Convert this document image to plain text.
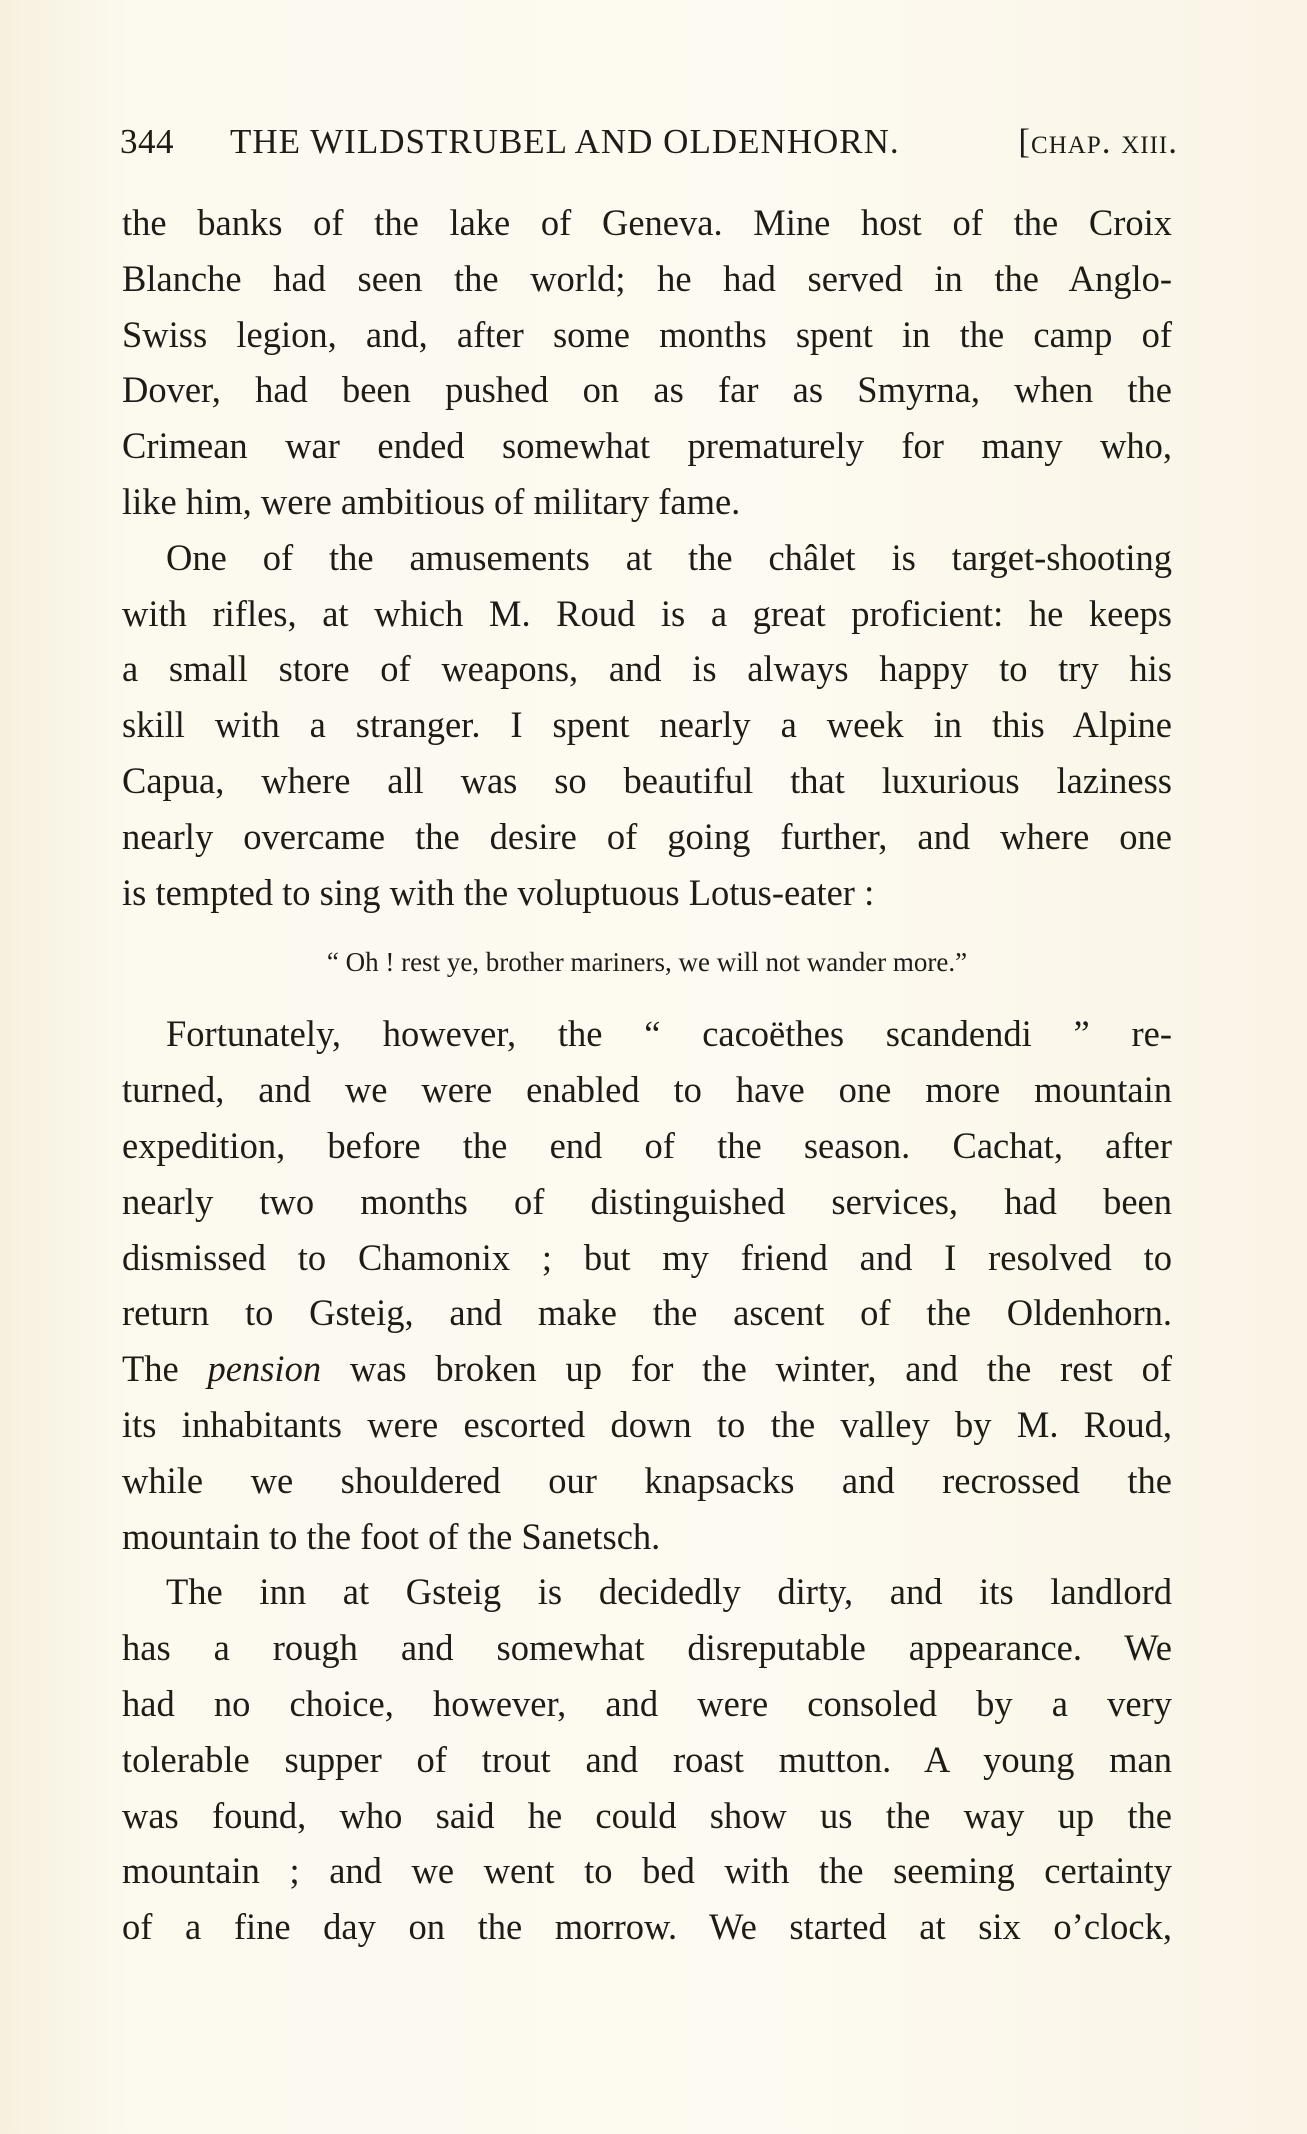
344	THE WILDSTRUBEL AND OLDENHORN.	[chap. xiii.
the banks of the lake of Geneva. Mine host of the Croix
Blanche had seen the world; he had served in the Anglo-
Swiss legion, and, after some months spent in the camp of
Dover, had been pushed on as far as Smyrna, when the
Crimean war ended somewhat prematurely for many who,
like him, were ambitious of military fame.
One of the amusements at the châlet is target-shooting
with rifles, at which M. Roud is a great proficient: he keeps
a small store of weapons, and is always happy to try his
skill with a stranger. I spent nearly a week in this Alpine
Capua, where all was so beautiful that luxurious laziness
nearly overcame the desire of going further, and where one
is tempted to sing with the voluptuous Lotus-eater :
“ Oh ! rest ye, brother mariners, we will not wander more.”
Fortunately, however, the “ cacoëthes scandendi ” re-
turned, and we were enabled to have one more mountain
expedition, before the end of the season. Cachat, after
nearly two months of distinguished services, had been
dismissed to Chamonix ; but my friend and I resolved to
return to Gsteig, and make the ascent of the Oldenhorn.
The pension was broken up for the winter, and the rest of
its inhabitants were escorted down to the valley by M. Roud,
while we shouldered our knapsacks and recrossed the
mountain to the foot of the Sanetsch.
The inn at Gsteig is decidedly dirty, and its landlord
has a rough and somewhat disreputable appearance. We
had no choice, however, and were consoled by a very
tolerable supper of trout and roast mutton. A young man
was found, who said he could show us the way up the
mountain ; and we went to bed with the seeming certainty
of a fine day on the morrow. We started at six o’clock,
